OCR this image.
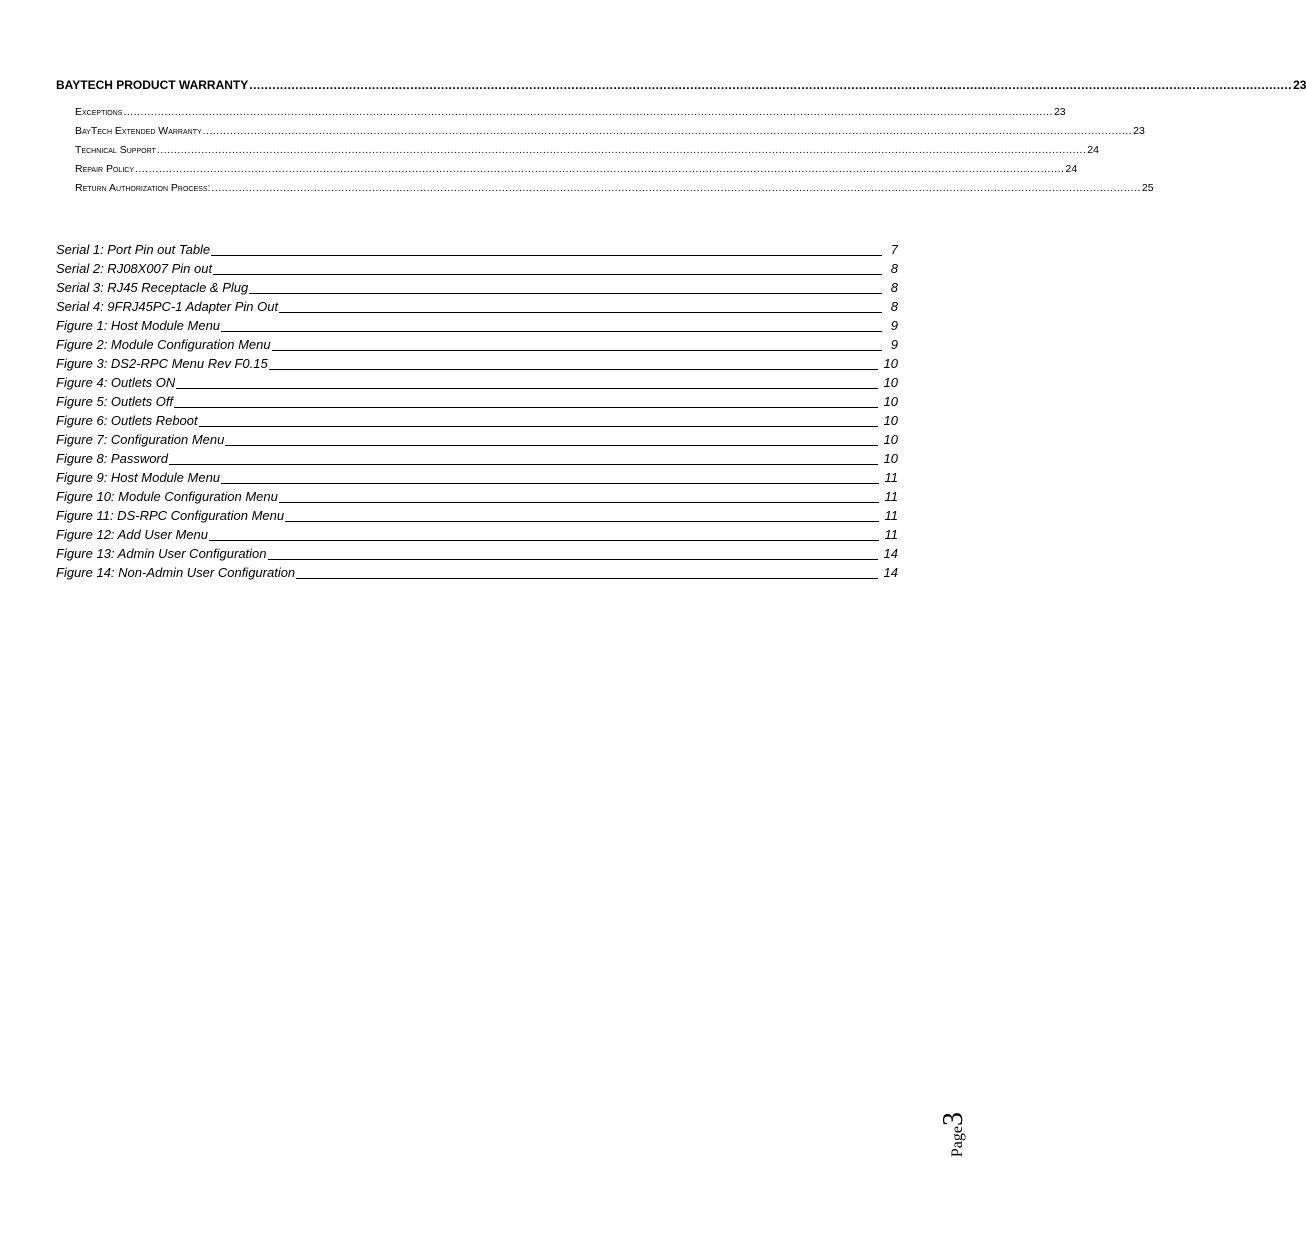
BAYTECH PRODUCT WARRANTY .....	23
Exceptions .....	23
BayTech Extended Warranty .....	23
Technical Support .....	24
Repair Policy .....	24
Return Authorization Process: .....	25
Serial 1: Port Pin out Table	7
Serial 2: RJ08X007 Pin out	8
Serial 3: RJ45 Receptacle & Plug	8
Serial 4: 9FRJ45PC-1 Adapter Pin Out	8
Figure 1: Host Module Menu	9
Figure 2: Module Configuration Menu	9
Figure 3: DS2-RPC Menu Rev F0.15	10
Figure 4: Outlets ON	10
Figure 5: Outlets Off	10
Figure 6: Outlets Reboot	10
Figure 7: Configuration Menu	10
Figure 8: Password	10
Figure 9: Host Module Menu	11
Figure 10: Module Configuration Menu	11
Figure 11: DS-RPC Configuration Menu	11
Figure 12: Add User Menu	11
Figure 13: Admin User Configuration	14
Figure 14: Non-Admin User Configuration	14
Page3
